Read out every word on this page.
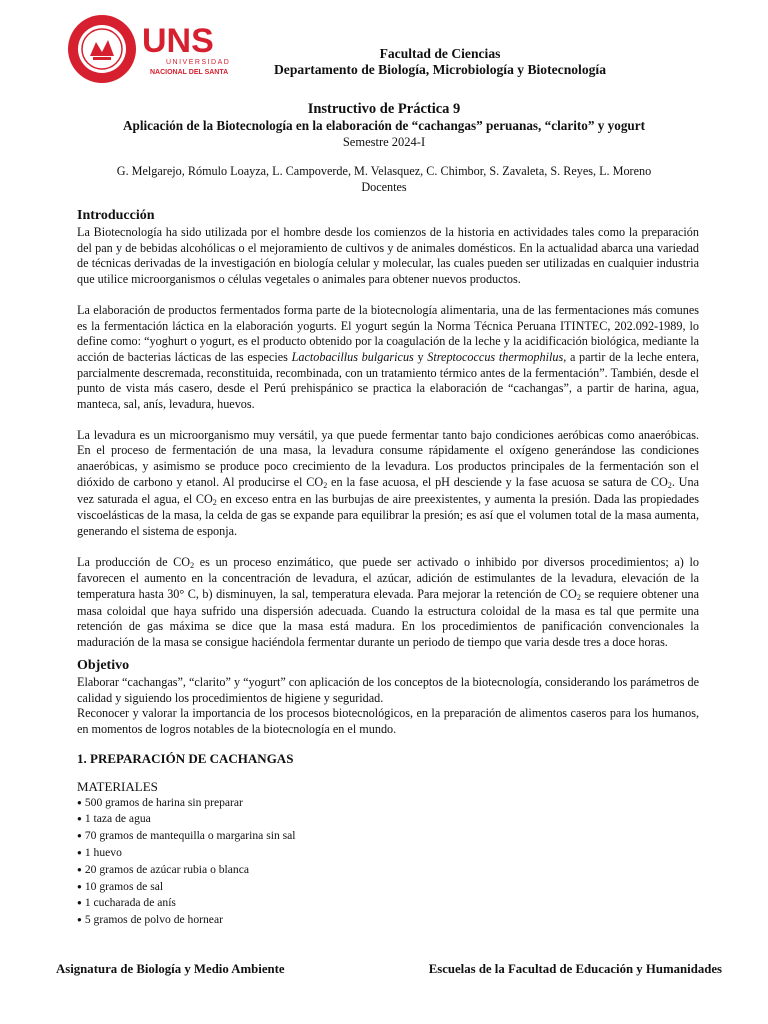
UNS
UNIVERSIDAD
NACIONAL DEL SANTA
Facultad de Ciencias
Departamento de Biología, Microbiología y Biotecnología
Instructivo de Práctica 9
Aplicación de la Biotecnología en la elaboración de “cachangas” peruanas, “clarito” y yogurt
Semestre 2024-I
G. Melgarejo, Rómulo Loayza, L. Campoverde, M. Velasquez, C. Chimbor, S. Zavaleta, S. Reyes, L. Moreno
Docentes
Introducción

La Biotecnología ha sido utilizada por el hombre desde los comienzos de la historia en actividades tales como la preparación del pan y de bebidas alcohólicas o el mejoramiento de cultivos y de animales domésticos. En la actualidad abarca una variedad de técnicas derivadas de la investigación en biología celular y molecular, las cuales pueden ser utilizadas en cualquier industria que utilice microorganismos o células vegetales o animales para obtener nuevos productos.

La elaboración de productos fermentados forma parte de la biotecnología alimentaria, una de las fermentaciones más comunes es la fermentación láctica en la elaboración yogurts. El yogurt según la Norma Técnica Peruana ITINTEC, 202.092-1989, lo define como: “yoghurt o yogurt, es el producto obtenido por la coagulación de la leche y la acidificación biológica, mediante la acción de bacterias lácticas de las especies Lactobacillus bulgaricus y Streptococcus thermophilus, a partir de la leche entera, parcialmente descremada, reconstituida, recombinada, con un tratamiento térmico antes de la fermentación”. También, desde el punto de vista más casero, desde el Perú prehispánico se practica la elaboración de “cachangas”, a partir de harina, agua, manteca, sal, anís, levadura, huevos.

La levadura es un microorganismo muy versátil, ya que puede fermentar tanto bajo condiciones aeróbicas como anaeróbicas. En el proceso de fermentación de una masa, la levadura consume rápidamente el oxígeno generándose las condiciones anaeróbicas, y asimismo se produce poco crecimiento de la levadura. Los productos principales de la fermentación son el dióxido de carbono y etanol. Al producirse el $CO_2$ en la fase acuosa, el pH desciende y la fase acuosa se satura de $CO_2$. Una vez saturada el agua, el $CO_2$ en exceso entra en las burbujas de aire preexistentes, y aumenta la presión. Dada las propiedades viscoelásticas de la masa, la celda de gas se expande para equilibrar la presión; es así que el volumen total de la masa aumenta, generando el sistema de esponja.

La producción de $CO_2$ es un proceso enzimático, que puede ser activado o inhibido por diversos procedimientos; a) lo favorecen el aumento en la concentración de levadura, el azúcar, adición de estimulantes de la levadura, elevación de la temperatura hasta 30° C, b) disminuyen, la sal, temperatura elevada. Para mejorar la retención de $CO_2$ se requiere obtener una masa coloidal que haya sufrido una dispersión adecuada. Cuando la estructura coloidal de la masa es tal que permite una retención de gas máxima se dice que la masa está madura. En los procedimientos de panificación convencionales la maduración de la masa se consigue haciéndola fermentar durante un periodo de tiempo que varia desde tres a doce horas.

Objetivo

Elaborar “cachangas”, “clarito” y “yogurt” con aplicación de los conceptos de la biotecnología, considerando los parámetros de calidad y siguiendo los procedimientos de higiene y seguridad.

Reconocer y valorar la importancia de los procesos biotecnológicos, en la preparación de alimentos caseros para los humanos, en momentos de logros notables de la biotecnología en el mundo.

1. PREPARACIÓN DE CACHANGAS
MATERIALES
● 500 gramos de harina sin preparar
● 1 taza de agua
● 70 gramos de mantequilla o margarina sin sal
● 1 huevo
● 20 gramos de azúcar rubia o blanca
● 10 gramos de sal
● 1 cucharada de anís
● 5 gramos de polvo de hornear
Asignatura de Biología y Medio Ambiente	Escuelas de la Facultad de Educación y Humanidades
